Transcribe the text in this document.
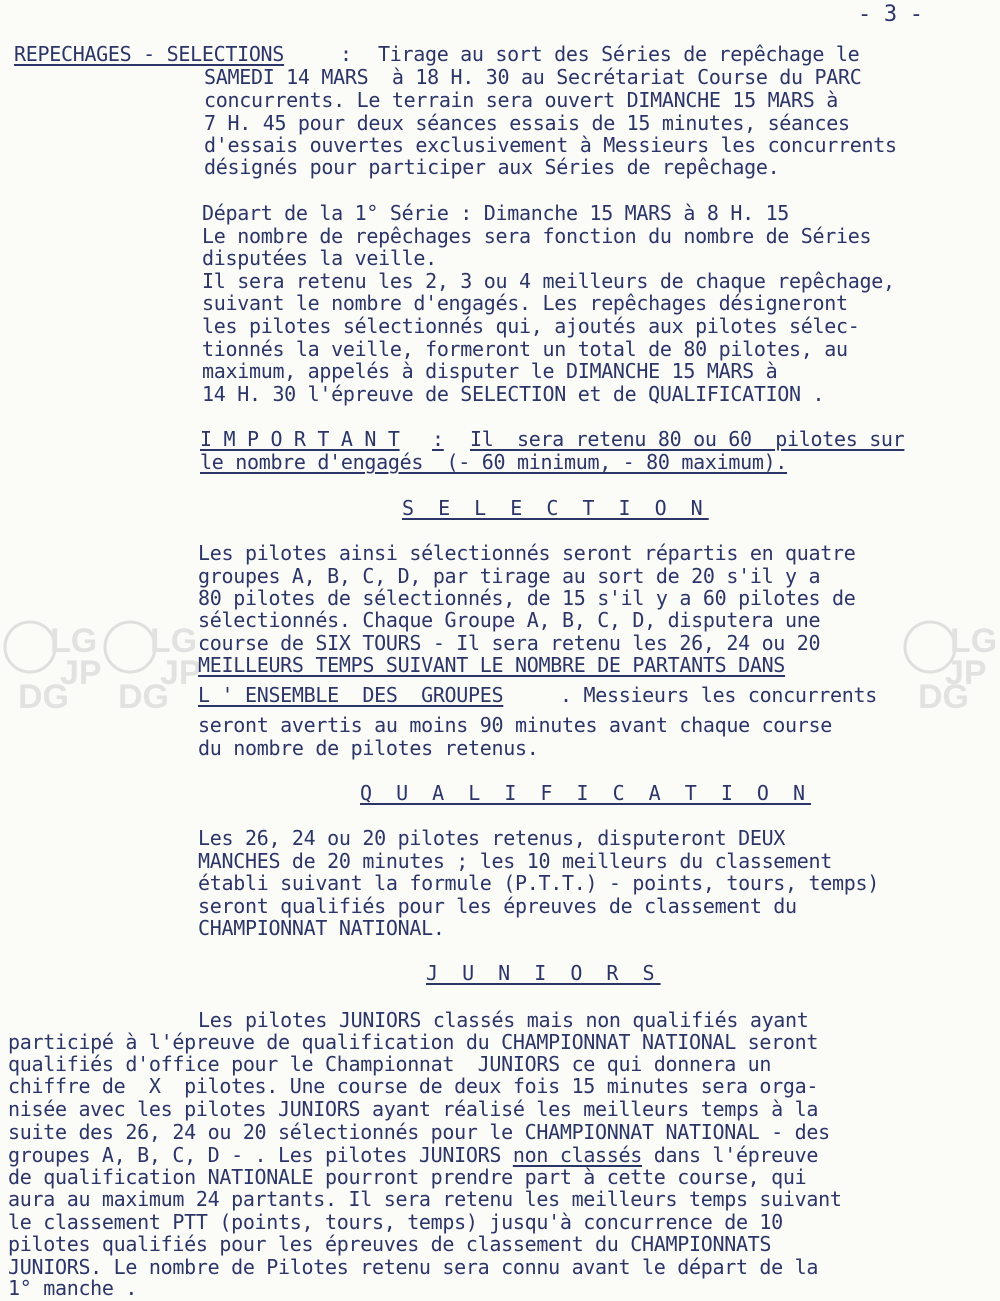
LG
JP
DG
LG
JP
DG
LG
JP
DG
- 3 -
REPECHAGES - SELECTIONS	: Tirage au sort des Séries de repêchage le
SAMEDI 14 MARS  à 18 H. 30 au Secrétariat Course du PARC
concurrents. Le terrain sera ouvert DIMANCHE 15 MARS à
7 H. 45 pour deux séances essais de 15 minutes, séances
d'essais ouvertes exclusivement à Messieurs les concurrents
désignés pour participer aux Séries de repêchage.
Départ de la 1° Série : Dimanche 15 MARS à 8 H. 15
Le nombre de repêchages sera fonction du nombre de Séries
disputées la veille.
Il sera retenu les 2, 3 ou 4 meilleurs de chaque repêchage,
suivant le nombre d'engagés. Les repêchages désigneront
les pilotes sélectionnés qui, ajoutés aux pilotes sélec-
tionnés la veille, formeront un total de 80 pilotes, au
maximum, appelés à disputer le DIMANCHE 15 MARS à
14 H. 30 l'épreuve de SELECTION et de QUALIFICATION .
I M P O R T A N T : Il  sera retenu 80 ou 60  pilotes sur
le nombre d'engagés  (- 60 minimum, - 80 maximum).
S E L E C T I O N
Les pilotes ainsi sélectionnés seront répartis en quatre
groupes A, B, C, D, par tirage au sort de 20 s'il y a
80 pilotes de sélectionnés, de 15 s'il y a 60 pilotes de
sélectionnés. Chaque Groupe A, B, C, D, disputera une
course de SIX TOURS - Il sera retenu les 26, 24 ou 20
MEILLEURS TEMPS SUIVANT LE NOMBRE DE PARTANTS DANS
L ' ENSEMBLE  DES  GROUPES	. Messieurs les concurrents
seront avertis au moins 90 minutes avant chaque course
du nombre de pilotes retenus.
Q U A L I F I C A T I O N
Les 26, 24 ou 20 pilotes retenus, disputeront DEUX
MANCHES de 20 minutes ; les 10 meilleurs du classement
établi suivant la formule (P.T.T.) - points, tours, temps)
seront qualifiés pour les épreuves de classement du
CHAMPIONNAT NATIONAL.
J U N I O R S
Les pilotes JUNIORS classés mais non qualifiés ayant
participé à l'épreuve de qualification du CHAMPIONNAT NATIONAL seront
qualifiés d'office pour le Championnat  JUNIORS ce qui donnera un
chiffre de  X  pilotes. Une course de deux fois 15 minutes sera orga-
nisée avec les pilotes JUNIORS ayant réalisé les meilleurs temps à la
suite des 26, 24 ou 20 sélectionnés pour le CHAMPIONNAT NATIONAL - des
groupes A, B, C, D - . Les pilotes JUNIORS non classés dans l'épreuve
de qualification NATIONALE pourront prendre part à cette course, qui
aura au maximum 24 partants. Il sera retenu les meilleurs temps suivant
le classement PTT (points, tours, temps) jusqu'à concurrence de 10
pilotes qualifiés pour les épreuves de classement du CHAMPIONNATS
JUNIORS. Le nombre de Pilotes retenu sera connu avant le départ de la
1° manche .
